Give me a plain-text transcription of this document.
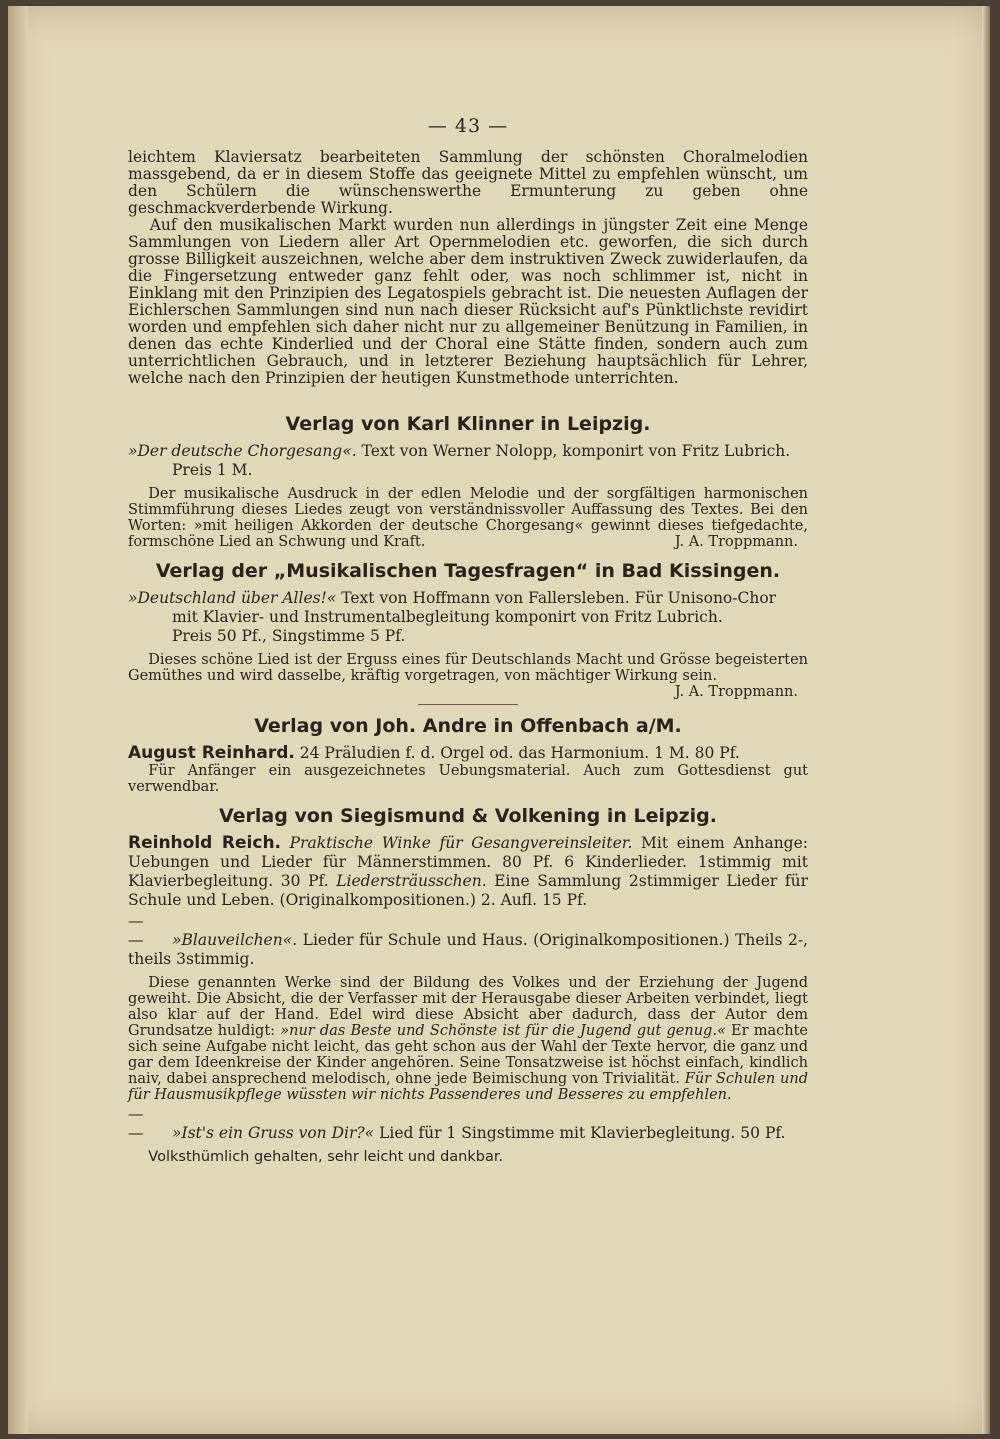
— 43 —

leichtem Klaviersatz bearbeiteten Sammlung der schönsten Choralmelodien massgebend, da er in diesem Stoffe das geeignete Mittel zu empfehlen wünscht, um den Schülern die wünschenswerthe Ermunterung zu geben ohne geschmackverderbende Wirkung.

Auf den musikalischen Markt wurden nun allerdings in jüngster Zeit eine Menge Sammlungen von Liedern aller Art Opernmelodien etc. geworfen, die sich durch grosse Billigkeit auszeichnen, welche aber dem instruktiven Zweck zuwiderlaufen, da die Fingersetzung entweder ganz fehlt oder, was noch schlimmer ist, nicht in Einklang mit den Prinzipien des Legatospiels gebracht ist. Die neuesten Auflagen der Eichlerschen Sammlungen sind nun nach dieser Rücksicht auf's Pünktlichste revidirt worden und empfehlen sich daher nicht nur zu allgemeiner Benützung in Familien, in denen das echte Kinderlied und der Choral eine Stätte finden, sondern auch zum unterrichtlichen Gebrauch, und in letzterer Beziehung hauptsächlich für Lehrer, welche nach den Prinzipien der heutigen Kunstmethode unterrichten.

Verlag von Karl Klinner in Leipzig.
»Der deutsche Chorgesang«. Text von Werner Nolopp, komponirt von Fritz Lubrich.
Preis 1 M.

Der musikalische Ausdruck in der edlen Melodie und der sorgfältigen harmonischen Stimmführung dieses Liedes zeugt von verständnissvoller Auffassung des Textes. Bei den Worten: »mit heiligen Akkorden der deutsche Chorgesang« gewinnt dieses tiefgedachte, formschöne Lied an Schwung und Kraft.	J. A. Troppmann.

Verlag der „Musikalischen Tagesfragen“ in Bad Kissingen.
»Deutschland über Alles!« Text von Hoffmann von Fallersleben. Für Unisono-Chor
mit Klavier- und Instrumentalbegleitung komponirt von Fritz Lubrich.
Preis 50 Pf., Singstimme 5 Pf.

Dieses schöne Lied ist der Erguss eines für Deutschlands Macht und Grösse begeisterten Gemüthes und wird dasselbe, kräftig vorgetragen, von mächtiger Wirkung sein.
J. A. Troppmann.

Verlag von Joh. Andre in Offenbach a/M.
August Reinhard. 24 Präludien f. d. Orgel od. das Harmonium. 1 M. 80 Pf.

Für Anfänger ein ausgezeichnetes Uebungsmaterial. Auch zum Gottesdienst gut verwendbar.

Verlag von Siegismund & Volkening in Leipzig.
Reinhold Reich. Praktische Winke für Gesangvereinsleiter. Mit einem Anhange: Uebungen und Lieder für Männerstimmen. 80 Pf. 6 Kinderlieder. 1stimmig mit Klavierbegleitung. 30 Pf. Liedersträusschen. Eine Sammlung 2stimmiger Lieder für Schule und Leben. (Originalkompositionen.) 2. Aufl. 15 Pf.
— — »Blauveilchen«. Lieder für Schule und Haus. (Originalkompositionen.) Theils 2-, theils 3stimmig.

Diese genannten Werke sind der Bildung des Volkes und der Erziehung der Jugend geweiht. Die Absicht, die der Verfasser mit der Herausgabe dieser Arbeiten verbindet, liegt also klar auf der Hand. Edel wird diese Absicht aber dadurch, dass der Autor dem Grundsatze huldigt: »nur das Beste und Schönste ist für die Jugend gut genug.« Er machte sich seine Aufgabe nicht leicht, das geht schon aus der Wahl der Texte hervor, die ganz und gar dem Ideenkreise der Kinder angehören. Seine Tonsatzweise ist höchst einfach, kindlich naiv, dabei ansprechend melodisch, ohne jede Beimischung von Trivialität. Für Schulen und für Hausmusikpflege wüssten wir nichts Passenderes und Besseres zu empfehlen.

— — »Ist's ein Gruss von Dir?« Lied für 1 Singstimme mit Klavierbegleitung. 50 Pf.

Volksthümlich gehalten, sehr leicht und dankbar.
